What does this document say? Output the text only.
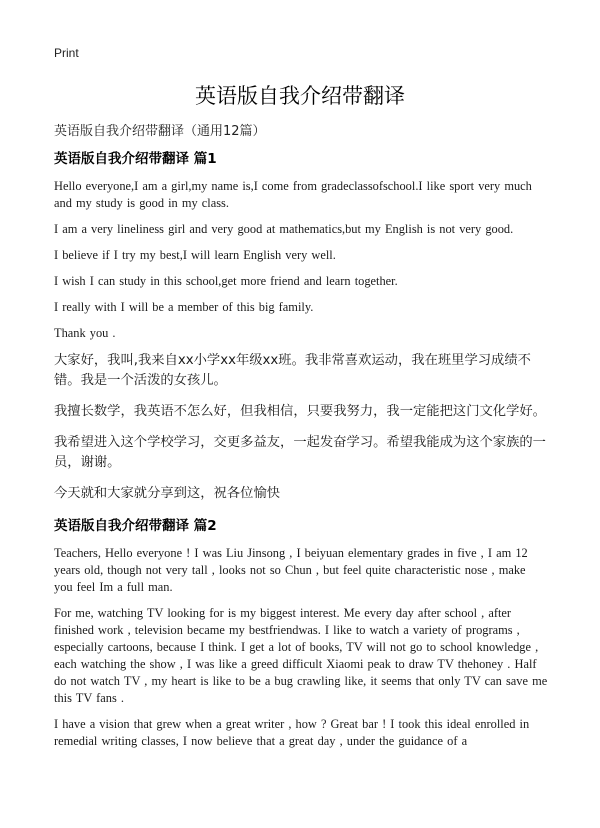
Print
英语版自我介绍带翻译

英语版自我介绍带翻译（通用12篇）

英语版自我介绍带翻译 篇1

Hello everyone,I am a girl,my name is,I come from gradeclassofschool.I like sport very much and my study is good in my class.

I am a very lineliness girl and very good at mathematics,but my English is not very good.

I believe if I try my best,I will learn English very well.

I wish I can study in this school,get more friend and learn together.

I really with I will be a member of this big family.

Thank you .

大家好，我叫,我来自xx小学xx年级xx班。我非常喜欢运动，我在班里学习成绩不错。我是一个活泼的女孩儿。

我擅长数学，我英语不怎么好，但我相信，只要我努力，我一定能把这门文化学好。

我希望进入这个学校学习，交更多益友，一起发奋学习。希望我能成为这个家族的一员，谢谢。

今天就和大家就分享到这，祝各位愉快

英语版自我介绍带翻译 篇2

Teachers, Hello everyone ! I was Liu Jinsong , I beiyuan elementary grades in five , I am 12 years old, though not very tall , looks not so Chun , but feel quite characteristic nose , make you feel Im a full man.

For me, watching TV looking for is my biggest interest. Me every day after school , after finished work , television became my bestfriendwas. I like to watch a variety of programs , especially cartoons, because I think. I get a lot of books, TV will not go to school knowledge , each watching the show , I was like a greed difficult Xiaomi peak to draw TV thehoney . Half do not watch TV , my heart is like to be a bug crawling like, it seems that only TV can save me this TV fans .

I have a vision that grew when a great writer , how ? Great bar ! I took this ideal enrolled in remedial writing classes, I now believe that a great day , under the guidance of a
